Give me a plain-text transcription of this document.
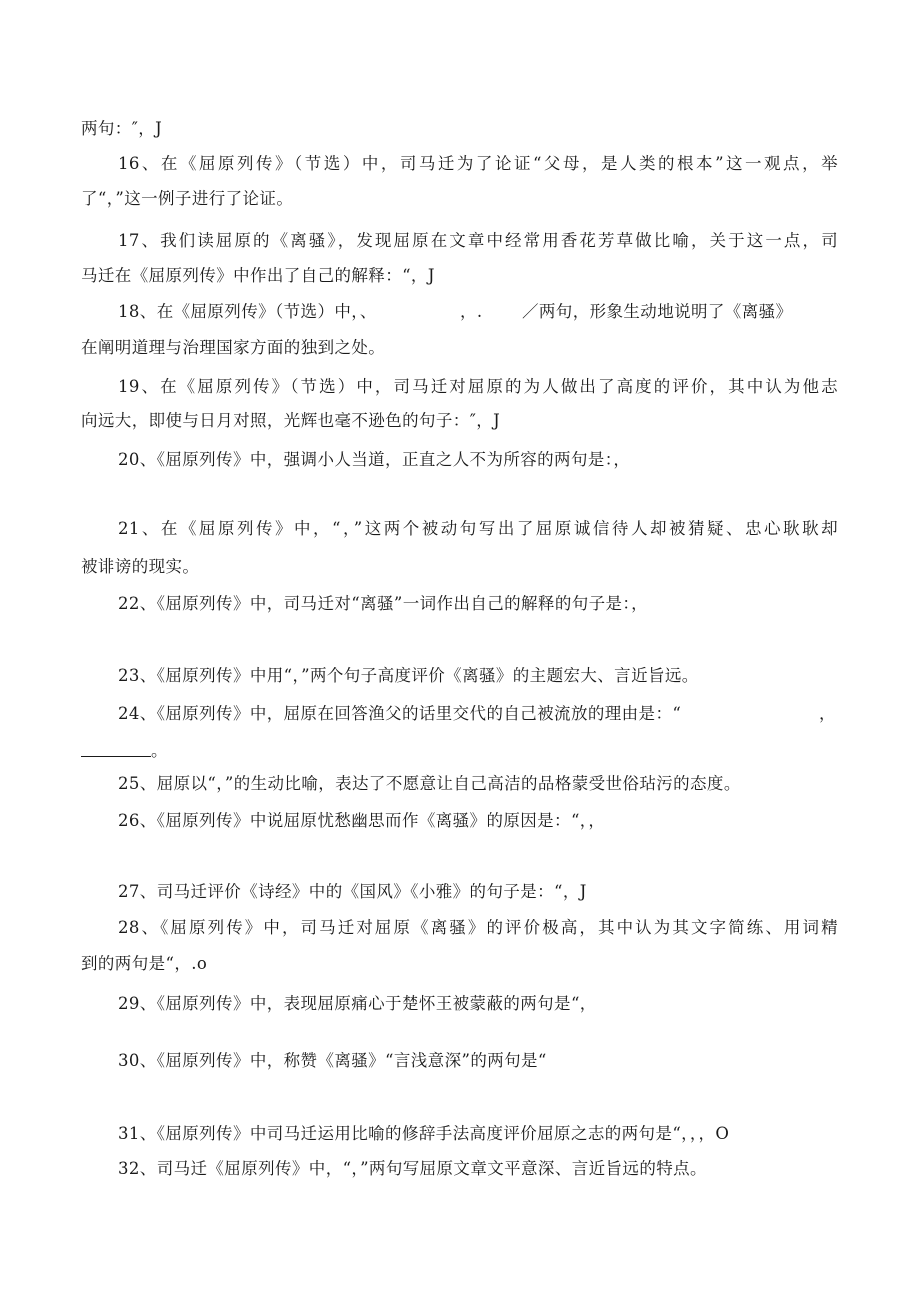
两句：″，J
16、在《屈原列传》（节选）中，司马迁为了论证“父母，是人类的根本”这一观点，举
了“，”这一例子进行了论证。
17、我们读屈原的《离骚》，发现屈原在文章中经常用香花芳草做比喻，关于这一点，司
马迁在《屈原列传》中作出了自己的解释：“，J
18、在《屈原列传》（节选）中，、	，. ／两句，形象生动地说明了《离骚》
在阐明道理与治理国家方面的独到之处。
19、在《屈原列传》（节选）中，司马迁对屈原的为人做出了高度的评价，其中认为他志
向远大，即使与日月对照，光辉也毫不逊色的句子：″，J
20、《屈原列传》中，强调小人当道，正直之人不为所容的两句是：，
21、在《屈原列传》中，“，”这两个被动句写出了屈原诚信待人却被猜疑、忠心耿耿却
被诽谤的现实。
22、《屈原列传》中，司马迁对“离骚”一词作出自己的解释的句子是：，
23、《屈原列传》中用“，”两个句子高度评价《离骚》的主题宏大、言近旨远。
24、《屈原列传》中，屈原在回答渔父的话里交代的自己被流放的理由是：“	，
。
25、屈原以“，”的生动比喻，表达了不愿意让自己高洁的品格蒙受世俗玷污的态度。
26、《屈原列传》中说屈原忧愁幽思而作《离骚》的原因是：“，，
27、司马迁评价《诗经》中的《国风》《小雅》的句子是：“，J
28、《屈原列传》中，司马迁对屈原《离骚》的评价极高，其中认为其文字简练、用词精
到的两句是“，.o
29、《屈原列传》中，表现屈原痛心于楚怀王被蒙蔽的两句是“，
30、《屈原列传》中，称赞《离骚》“言浅意深”的两句是“
31、《屈原列传》中司马迁运用比喻的修辞手法高度评价屈原之志的两句是“，，，O
32、司马迁《屈原列传》中，“，”两句写屈原文章文平意深、言近旨远的特点。
